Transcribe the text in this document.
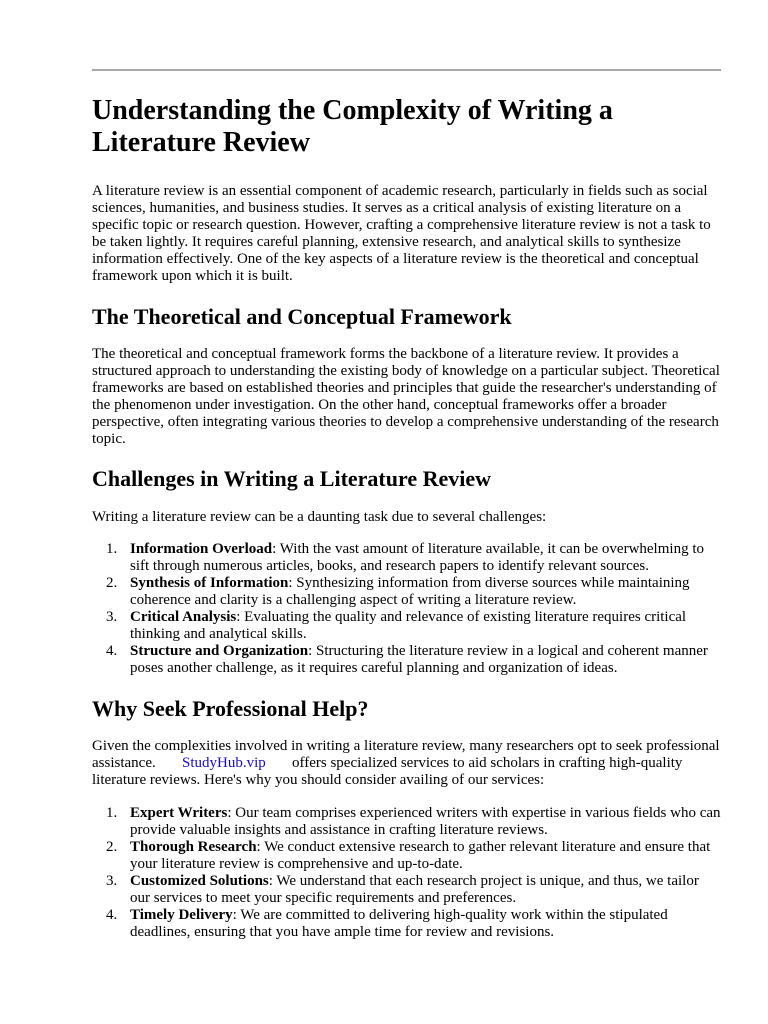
Understanding the Complexity of Writing a Literature Review

A literature review is an essential component of academic research, particularly in fields such as social sciences, humanities, and business studies. It serves as a critical analysis of existing literature on a specific topic or research question. However, crafting a comprehensive literature review is not a task to be taken lightly. It requires careful planning, extensive research, and analytical skills to synthesize information effectively. One of the key aspects of a literature review is the theoretical and conceptual framework upon which it is built.

The Theoretical and Conceptual Framework

The theoretical and conceptual framework forms the backbone of a literature review. It provides a structured approach to understanding the existing body of knowledge on a particular subject. Theoretical frameworks are based on established theories and principles that guide the researcher's understanding of the phenomenon under investigation. On the other hand, conceptual frameworks offer a broader perspective, often integrating various theories to develop a comprehensive understanding of the research topic.

Challenges in Writing a Literature Review

Writing a literature review can be a daunting task due to several challenges:

1. Information Overload: With the vast amount of literature available, it can be overwhelming to sift through numerous articles, books, and research papers to identify relevant sources.
2. Synthesis of Information: Synthesizing information from diverse sources while maintaining coherence and clarity is a challenging aspect of writing a literature review.
3. Critical Analysis: Evaluating the quality and relevance of existing literature requires critical thinking and analytical skills.
4. Structure and Organization: Structuring the literature review in a logical and coherent manner poses another challenge, as it requires careful planning and organization of ideas.
Why Seek Professional Help?

Given the complexities involved in writing a literature review, many researchers opt to seek professional assistance. StudyHub.vip offers specialized services to aid scholars in crafting high-quality literature reviews. Here's why you should consider availing of our services:

1. Expert Writers: Our team comprises experienced writers with expertise in various fields who can provide valuable insights and assistance in crafting literature reviews.
2. Thorough Research: We conduct extensive research to gather relevant literature and ensure that your literature review is comprehensive and up-to-date.
3. Customized Solutions: We understand that each research project is unique, and thus, we tailor our services to meet your specific requirements and preferences.
4. Timely Delivery: We are committed to delivering high-quality work within the stipulated deadlines, ensuring that you have ample time for review and revisions.
